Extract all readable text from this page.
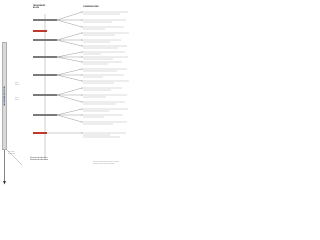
TAXONOMÍA DE
BLOOM
CONSIDERACIONES
TAXONOMÍA DE BLOOM
RECORDAR
COMPRENDER
APLICAR
ANALIZAR
EVALUAR
CREAR
Orden
superior
Orden
inferior
Nivel inferior
Nivel superior
Pensamiento de orden inferior
Pensamiento de orden superior
Los niveles se organizan de lo simple a lo complejo
Cada nivel requiere el dominio del anterior
